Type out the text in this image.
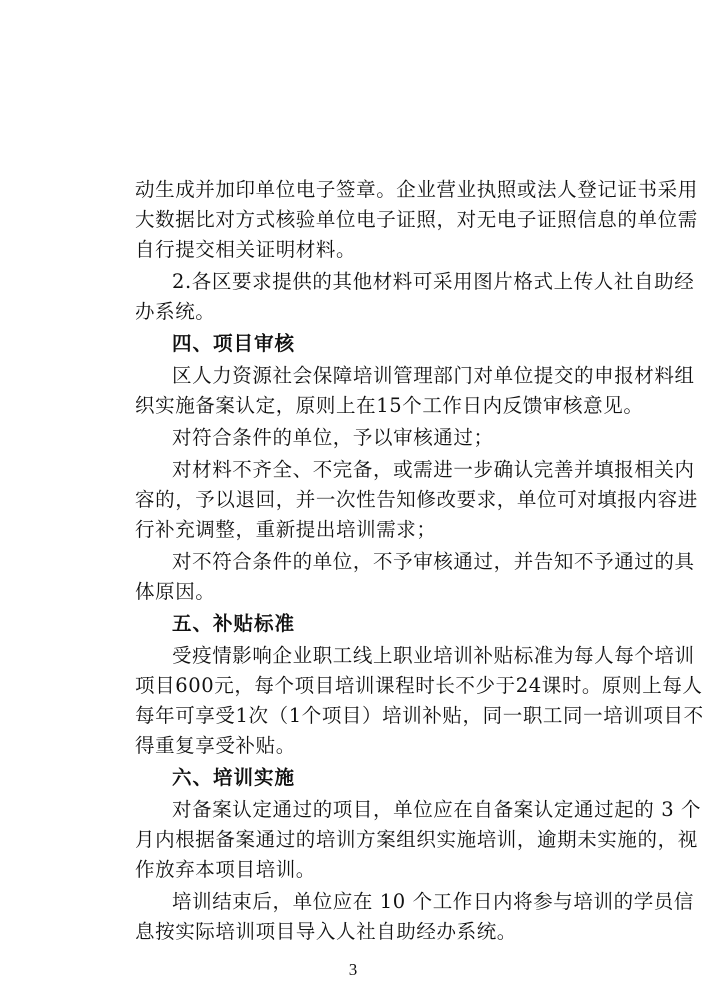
动生成并加印单位电子签章。企业营业执照或法人登记证书采用
大数据比对方式核验单位电子证照，对无电子证照信息的单位需
自行提交相关证明材料。
2.各区要求提供的其他材料可采用图片格式上传人社自助经
办系统。
四、项目审核
区人力资源社会保障培训管理部门对单位提交的申报材料组
织实施备案认定，原则上在15个工作日内反馈审核意见。
对符合条件的单位，予以审核通过；
对材料不齐全、不完备，或需进一步确认完善并填报相关内
容的，予以退回，并一次性告知修改要求，单位可对填报内容进
行补充调整，重新提出培训需求；
对不符合条件的单位，不予审核通过，并告知不予通过的具
体原因。
五、补贴标准
受疫情影响企业职工线上职业培训补贴标准为每人每个培训
项目600元，每个项目培训课程时长不少于24课时。原则上每人
每年可享受1次（1个项目）培训补贴，同一职工同一培训项目不
得重复享受补贴。
六、培训实施
对备案认定通过的项目，单位应在自备案认定通过起的 3 个
月内根据备案通过的培训方案组织实施培训，逾期未实施的，视
作放弃本项目培训。
培训结束后，单位应在 10 个工作日内将参与培训的学员信
息按实际培训项目导入人社自助经办系统。
3
